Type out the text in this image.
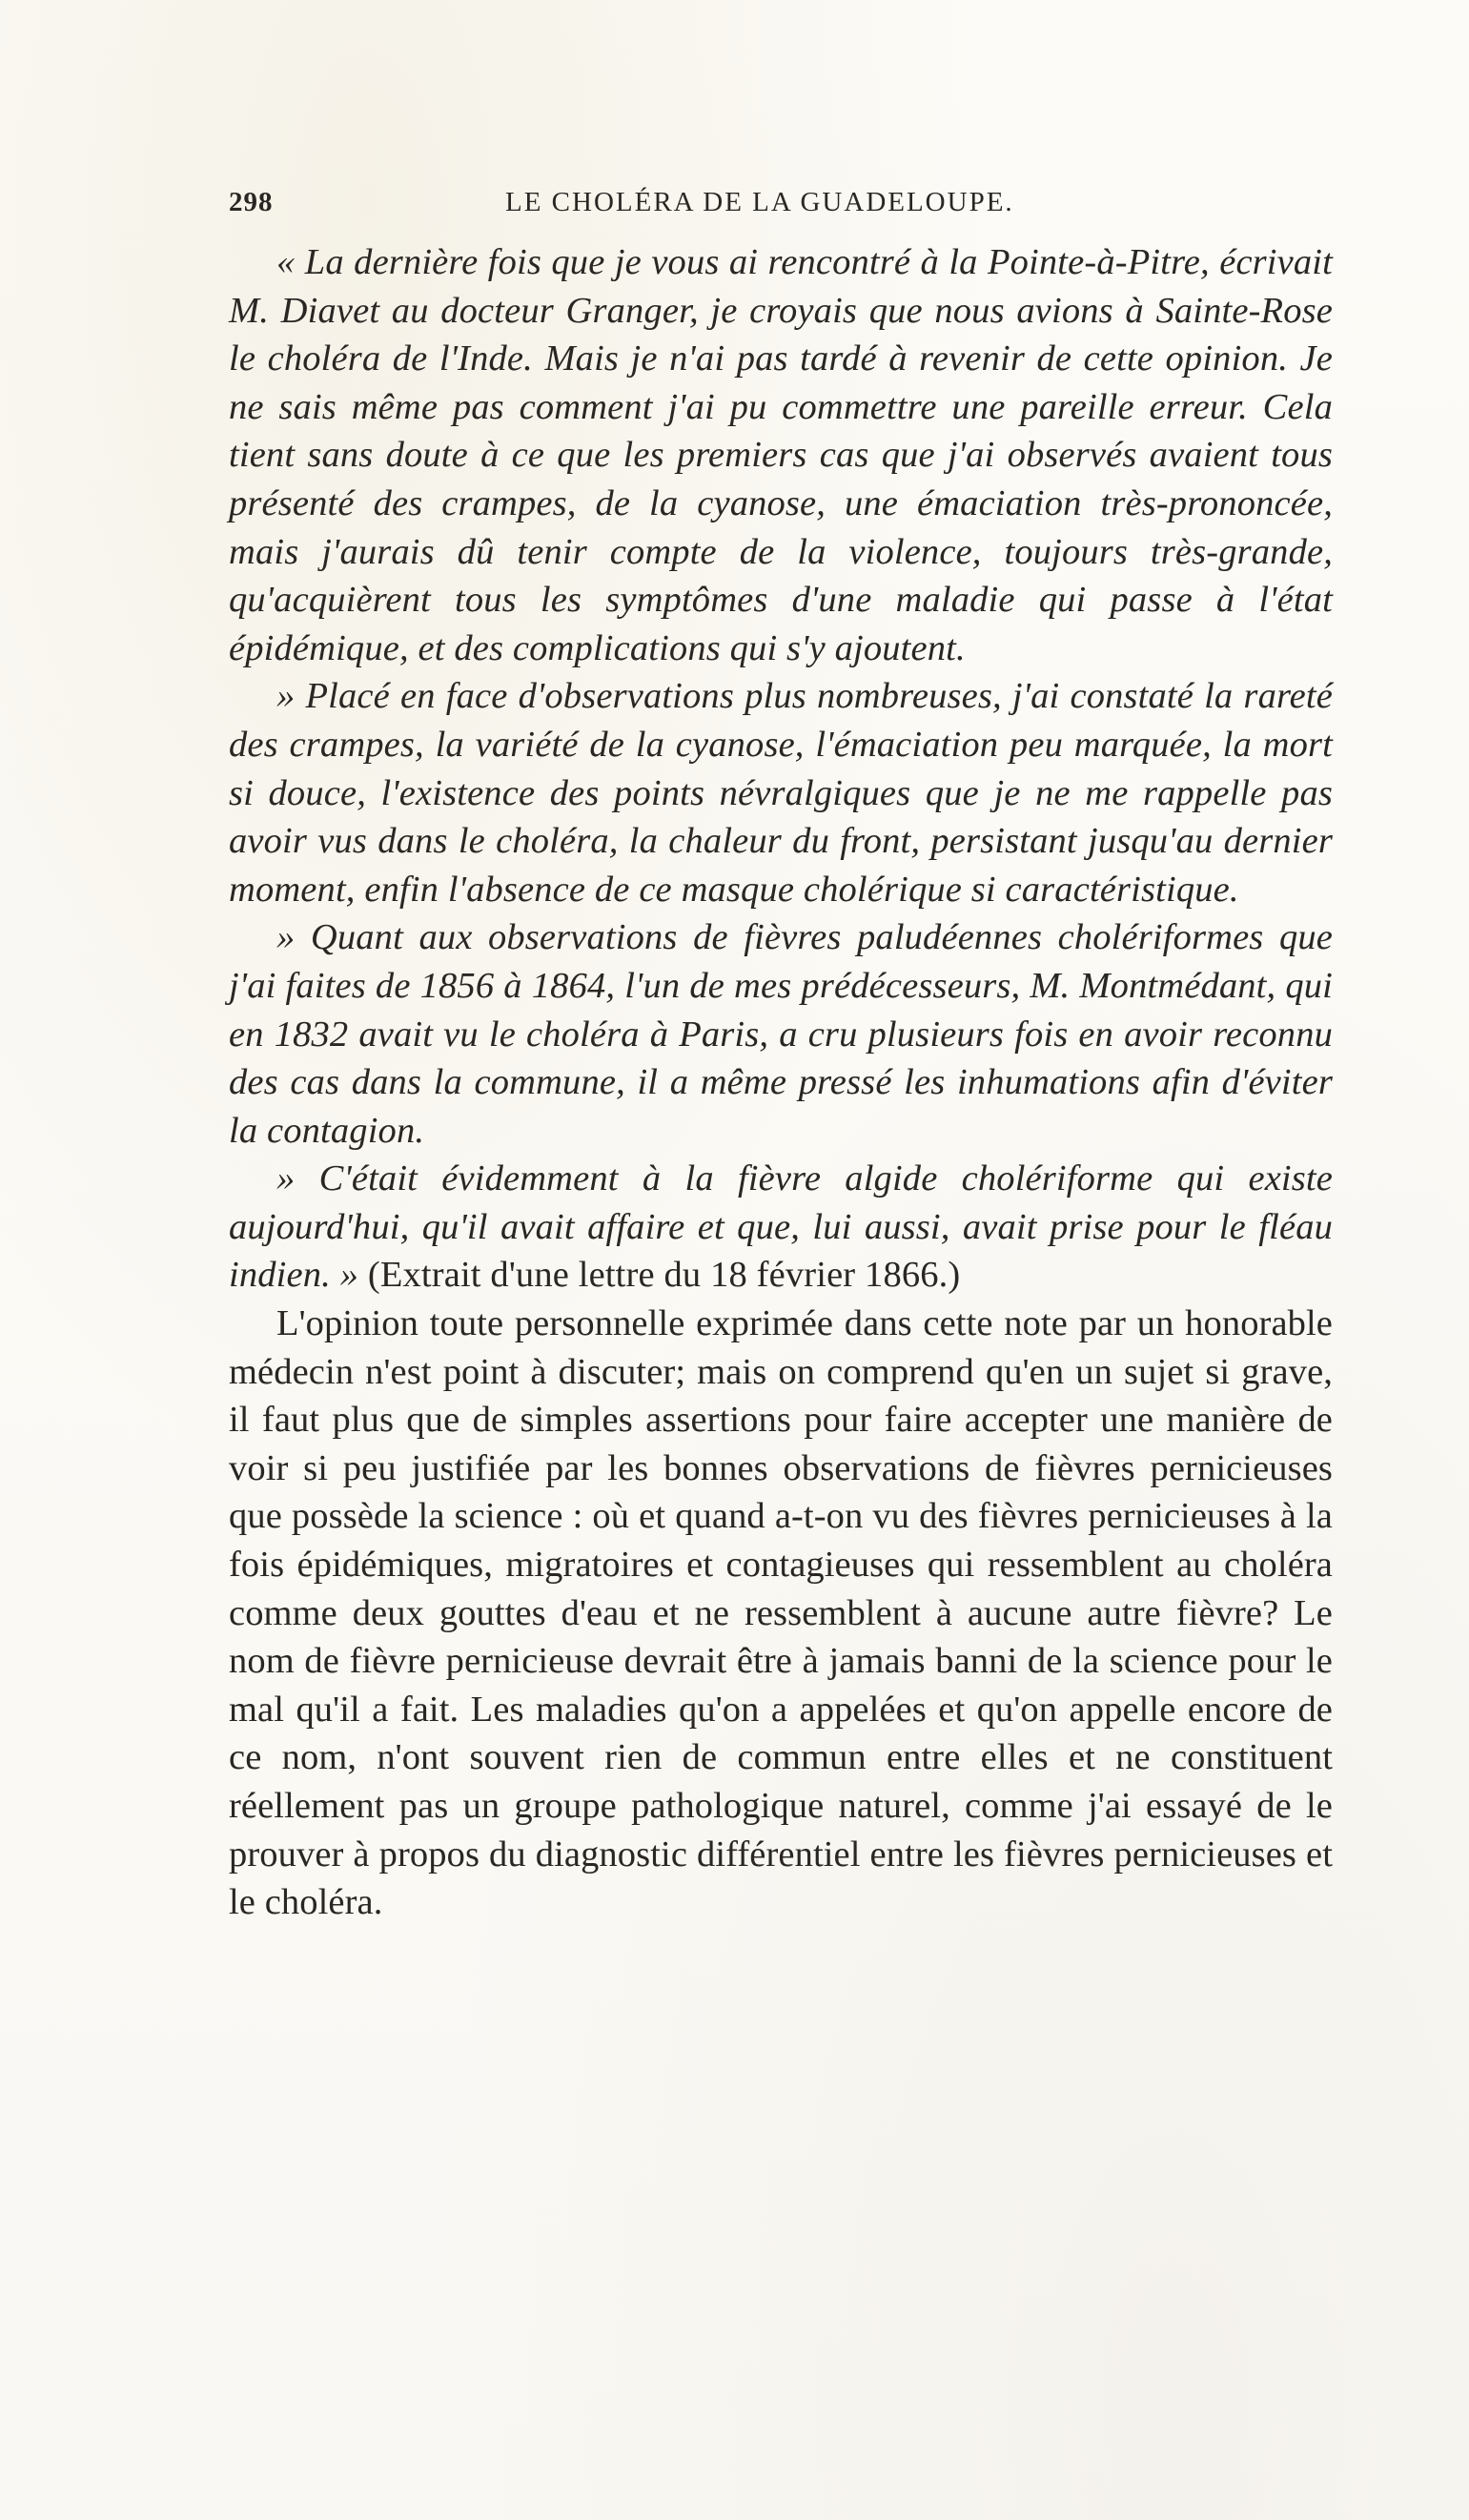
298	LE CHOLÉRA DE LA GUADELOUPE.

« La dernière fois que je vous ai rencontré à la Pointe-à-Pitre, écrivait M. Diavet au docteur Granger, je croyais que nous avions à Sainte-Rose le choléra de l'Inde. Mais je n'ai pas tardé à revenir de cette opinion. Je ne sais même pas comment j'ai pu commettre une pareille erreur. Cela tient sans doute à ce que les premiers cas que j'ai observés avaient tous présenté des crampes, de la cyanose, une émaciation très-prononcée, mais j'aurais dû tenir compte de la violence, toujours très-grande, qu'acquièrent tous les symptômes d'une maladie qui passe à l'état épidémique, et des complications qui s'y ajoutent.

» Placé en face d'observations plus nombreuses, j'ai constaté la rareté des crampes, la variété de la cyanose, l'émaciation peu marquée, la mort si douce, l'existence des points névralgiques que je ne me rappelle pas avoir vus dans le choléra, la chaleur du front, persistant jusqu'au dernier moment, enfin l'absence de ce masque cholérique si caractéristique.

» Quant aux observations de fièvres paludéennes cholériformes que j'ai faites de 1856 à 1864, l'un de mes prédécesseurs, M. Montmédant, qui en 1832 avait vu le choléra à Paris, a cru plusieurs fois en avoir reconnu des cas dans la commune, il a même pressé les inhumations afin d'éviter la contagion.

» C'était évidemment à la fièvre algide cholériforme qui existe aujourd'hui, qu'il avait affaire et que, lui aussi, avait prise pour le fléau indien. » (Extrait d'une lettre du 18 février 1866.)

L'opinion toute personnelle exprimée dans cette note par un honorable médecin n'est point à discuter; mais on comprend qu'en un sujet si grave, il faut plus que de simples assertions pour faire accepter une manière de voir si peu justifiée par les bonnes observations de fièvres pernicieuses que possède la science : où et quand a-t-on vu des fièvres pernicieuses à la fois épidémiques, migratoires et contagieuses qui ressemblent au choléra comme deux gouttes d'eau et ne ressemblent à aucune autre fièvre? Le nom de fièvre pernicieuse devrait être à jamais banni de la science pour le mal qu'il a fait. Les maladies qu'on a appelées et qu'on appelle encore de ce nom, n'ont souvent rien de commun entre elles et ne constituent réellement pas un groupe pathologique naturel, comme j'ai essayé de le prouver à propos du diagnostic différentiel entre les fièvres pernicieuses et le choléra.
